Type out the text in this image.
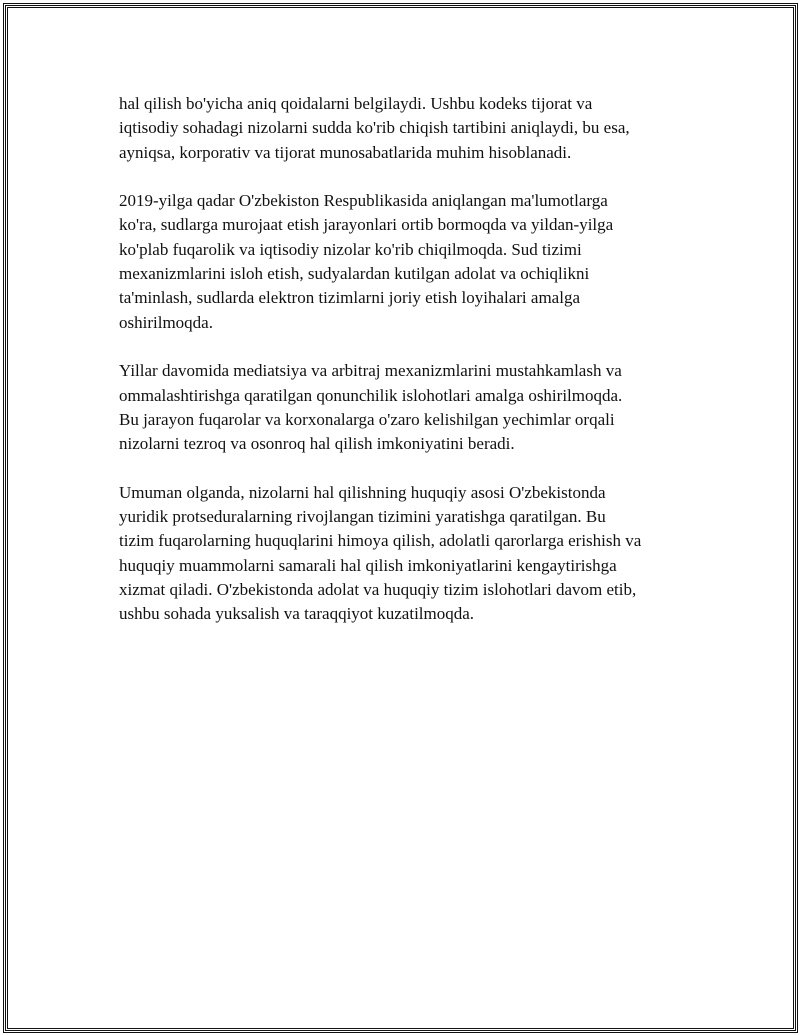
hal qilish bo'yicha aniq qoidalarni belgilaydi. Ushbu kodeks tijorat va
iqtisodiy sohadagi nizolarni sudda ko'rib chiqish tartibini aniqlaydi, bu esa,
ayniqsa, korporativ va tijorat munosabatlarida muhim hisoblanadi.

2019-yilga qadar O'zbekiston Respublikasida aniqlangan ma'lumotlarga
ko'ra, sudlarga murojaat etish jarayonlari ortib bormoqda va yildan-yilga
ko'plab fuqarolik va iqtisodiy nizolar ko'rib chiqilmoqda. Sud tizimi
mexanizmlarini isloh etish, sudyalardan kutilgan adolat va ochiqlikni
ta'minlash, sudlarda elektron tizimlarni joriy etish loyihalari amalga
oshirilmoqda.

Yillar davomida mediatsiya va arbitraj mexanizmlarini mustahkamlash va
ommalashtirishga qaratilgan qonunchilik islohotlari amalga oshirilmoqda.
Bu jarayon fuqarolar va korxonalarga o'zaro kelishilgan yechimlar orqali
nizolarni tezroq va osonroq hal qilish imkoniyatini beradi.

Umuman olganda, nizolarni hal qilishning huquqiy asosi O'zbekistonda
yuridik protseduralarning rivojlangan tizimini yaratishga qaratilgan. Bu
tizim fuqarolarning huquqlarini himoya qilish, adolatli qarorlarga erishish va
huquqiy muammolarni samarali hal qilish imkoniyatlarini kengaytirishga
xizmat qiladi. O'zbekistonda adolat va huquqiy tizim islohotlari davom etib,
ushbu sohada yuksalish va taraqqiyot kuzatilmoqda.
